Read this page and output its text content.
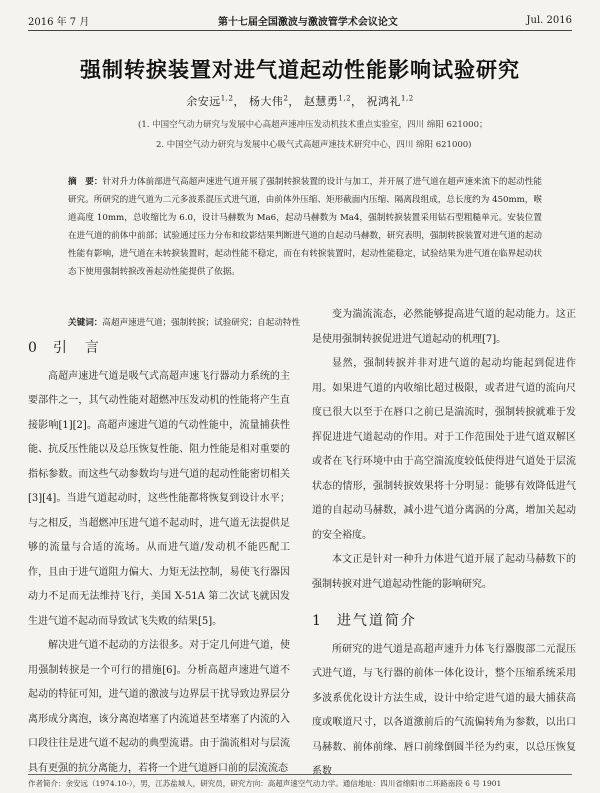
2016 年 7 月	第十七届全国激波与激波管学术会议论文	Jul. 2016
强制转捩装置对进气道起动性能影响试验研究
余安远$^{1,2}$， 杨大伟$^2$， 赵慧勇$^{1,2}$， 祝鸿礼$^{1,2}$
(1. 中国空气动力研究与发展中心高超声速冲压发动机技术重点实验室，四川 绵阳 621000；
2. 中国空气动力研究与发展中心吸气式高超声速技术研究中心，四川 绵阳 621000)
摘　要：针对升力体前部进气高超声速进气道开展了强制转捩装置的设计与加工，并开展了进气道在超声速来流下的起动性能研究。所研究的进气道为二元多波系混压式进气道，由前体外压缩、矩形截面内压缩、隔离段组成，总长度约为 450mm，喉道高度 10mm，总收缩比为 6.0，设计马赫数为 Ma6，起动马赫数为 Ma4，强制转捩装置采用钻石型粗糙单元。安装位置在进气道的前体中前部；试验通过压力分布和纹影结果判断进气道的自起动马赫数，研究表明，强制转捩装置对进气道的起动性能有影响，进气道在未转捩装置时，起动性能不稳定，而在有转捩装置时，起动性能稳定，试验结果为进气道在临界起动状态下使用强制转捩改善起动性能提供了依据。
关键词：高超声速进气道；强制转捩；试验研究；自起动特性
0 引　言

高超声速进气道是吸气式高超声速飞行器动力系统的主要部件之一，其气动性能对超燃冲压发动机的性能将产生直接影响[1][2]。高超声速进气道的气动性能中，流量捕获性能、抗反压性能以及总压恢复性能、阻力性能是相对重要的指标参数。而这些气动参数均与进气道的起动性能密切相关[3][4]。当进气道起动时，这些性能都将恢复到设计水平；与之相反，当超燃冲压进气道不起动时，进气道无法提供足够的流量与合适的流场。从而进气道/发动机不能匹配工作，且由于进气道阻力偏大、力矩无法控制，易使飞行器因动力不足而无法维持飞行，美国 X-51A 第二次试飞就因发生进气道不起动而导致试飞失败的结果[5]。

解决进气道不起动的方法很多。对于定几何进气道，使用强制转捩是一个可行的措施[6]。分析高超声速进气道不起动的特征可知，进气道的激波与边界层干扰导致边界层分离形成分离泡，该分离泡堵塞了内流道甚至堵塞了内流的入口段往往是进气道不起动的典型流谱。由于湍流相对与层流具有更强的抗分离能力，若将一个进气道唇口前的层流流态

变为湍流流态，必然能够提高进气道的起动能力。这正是使用强制转捩促进进气道起动的机理[7]。

显然，强制转捩并非对进气道的起动均能起到促进作用。如果进气道的内收缩比超过极限，或者进气道的流向尺度已很大以至于在唇口之前已是湍流时，强制转捩就难于发挥促进进气道起动的作用。对于工作范围处于进气道双解区或者在飞行环境中由于高空湍流度较低使得进气道处于层流状态的情形，强制转捩效果将十分明显：能够有效降低进气道的自起动马赫数，减小进气道分离涡的分离，增加关起动的安全裕度。

本文正是针对一种升力体进气道开展了起动马赫数下的强制转捩对进气道起动性能的影响研究。

1 进气道简介

所研究的进气道是高超声速升力体飞行器腹部二元混压式进气道，与飞行器的前体一体化设计，整个压缩系统采用多波系优化设计方法生成，设计中给定进气道的最大捕获高度或喉道尺寸，以各道激前后的气流偏转角为参数，以出口马赫数、前体前缘、唇口前缘倒圆半径为约束，以总压恢复系数

作者简介：余安远（1974.10-），男，江苏盐城人，研究员，研究方向：高超声速空气动力学。通信地址：四川省绵阳市二环路南段 6 号 1901
